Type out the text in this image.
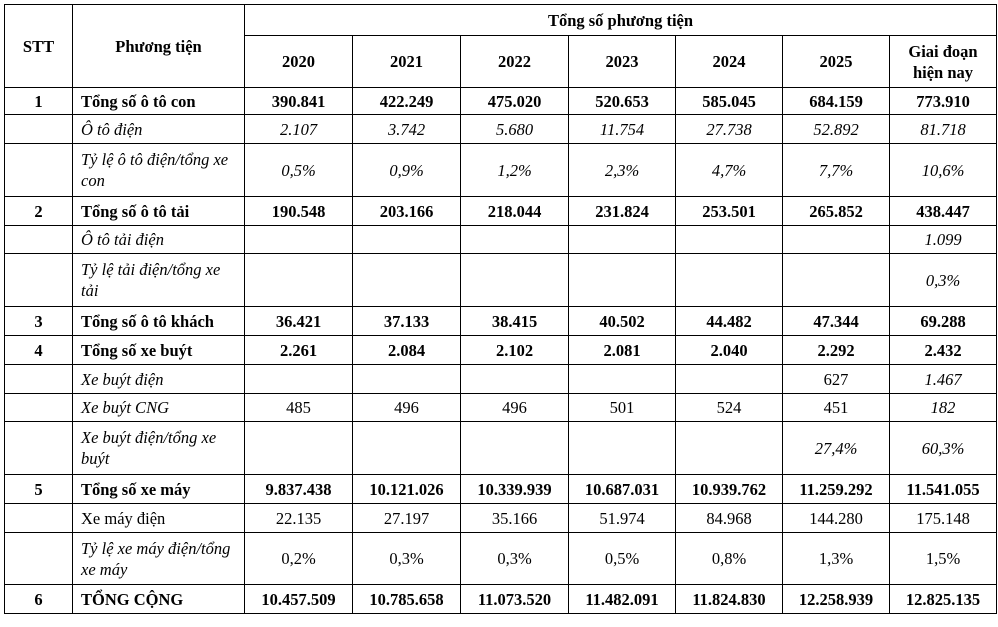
STT	Phương tiện	Tổng số phương tiện						
		2020	2021	2022	2023	2024	2025	Giai đoạn hiện nay
1	Tổng số ô tô con	390.841	422.249	475.020	520.653	585.045	684.159	773.910
	Ô tô điện	2.107	3.742	5.680	11.754	27.738	52.892	81.718
	Tỷ lệ ô tô điện/tổng xe con	0,5%	0,9%	1,2%	2,3%	4,7%	7,7%	10,6%
2	Tổng số ô tô tải	190.548	203.166	218.044	231.824	253.501	265.852	438.447
	Ô tô tải điện							1.099
	Tỷ lệ tải điện/tổng xe tải							0,3%
3	Tổng số ô tô khách	36.421	37.133	38.415	40.502	44.482	47.344	69.288
4	Tổng số xe buýt	2.261	2.084	2.102	2.081	2.040	2.292	2.432
	Xe buýt điện						627	1.467
	Xe buýt CNG	485	496	496	501	524	451	182
	Xe buýt điện/tổng xe buýt						27,4%	60,3%
5	Tổng số xe máy	9.837.438	10.121.026	10.339.939	10.687.031	10.939.762	11.259.292	11.541.055
	Xe máy điện	22.135	27.197	35.166	51.974	84.968	144.280	175.148
	Tỷ lệ xe máy điện/tổng xe máy	0,2%	0,3%	0,3%	0,5%	0,8%	1,3%	1,5%
6	TỔNG CỘNG	10.457.509	10.785.658	11.073.520	11.482.091	11.824.830	12.258.939	12.825.135
